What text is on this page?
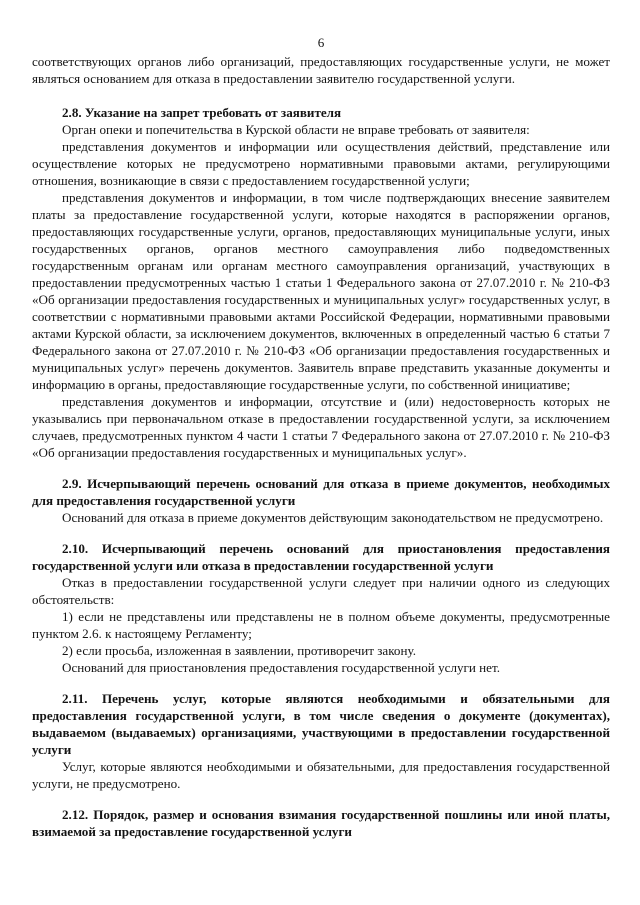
6

соответствующих органов либо организаций, предоставляющих государственные услуги, не может являться основанием для отказа в предоставлении заявителю государственной услуги.

2.8. Указание на запрет требовать от заявителя

Орган опеки и попечительства в Курской области не вправе требовать от заявителя:

представления документов и информации или осуществления действий, представление или осуществление которых не предусмотрено нормативными правовыми актами, регулирующими отношения, возникающие в связи с предоставлением государственной услуги;

представления документов и информации, в том числе подтверждающих внесение заявителем платы за предоставление государственной услуги, которые находятся в распоряжении органов, предоставляющих государственные услуги, органов, предоставляющих муниципальные услуги, иных государственных органов, органов местного самоуправления либо подведомственных государственным органам или органам местного самоуправления организаций, участвующих в предоставлении предусмотренных частью 1 статьи 1 Федерального закона от 27.07.2010 г. № 210-ФЗ «Об организации предоставления государственных и муниципальных услуг» государственных услуг, в соответствии с нормативными правовыми актами Российской Федерации, нормативными правовыми актами Курской области, за исключением документов, включенных в определенный частью 6 статьи 7 Федерального закона от 27.07.2010 г. № 210-ФЗ «Об организации предоставления государственных и муниципальных услуг» перечень документов. Заявитель вправе представить указанные документы и информацию в органы, предоставляющие государственные услуги, по собственной инициативе;

представления документов и информации, отсутствие и (или) недостоверность которых не указывались при первоначальном отказе в предоставлении государственной услуги, за исключением случаев, предусмотренных пунктом 4 части 1 статьи 7 Федерального закона от 27.07.2010 г. № 210-ФЗ «Об организации предоставления государственных и муниципальных услуг».

2.9. Исчерпывающий перечень оснований для отказа в приеме документов, необходимых для предоставления государственной услуги

Оснований для отказа в приеме документов действующим законодательством не предусмотрено.

2.10. Исчерпывающий перечень оснований для приостановления предоставления государственной услуги или отказа в предоставлении государственной услуги

Отказ в предоставлении государственной услуги следует при наличии одного из следующих обстоятельств:

1) если не представлены или представлены не в полном объеме документы, предусмотренные пунктом 2.6. к настоящему Регламенту;

2) если просьба, изложенная в заявлении, противоречит закону.

Оснований для приостановления предоставления государственной услуги нет.

2.11. Перечень услуг, которые являются необходимыми и обязательными для предоставления государственной услуги, в том числе сведения о документе (документах), выдаваемом (выдаваемых) организациями, участвующими в предоставлении государственной услуги

Услуг, которые являются необходимыми и обязательными, для предоставления государственной услуги, не предусмотрено.

2.12. Порядок, размер и основания взимания государственной пошлины или иной платы, взимаемой за предоставление государственной услуги
